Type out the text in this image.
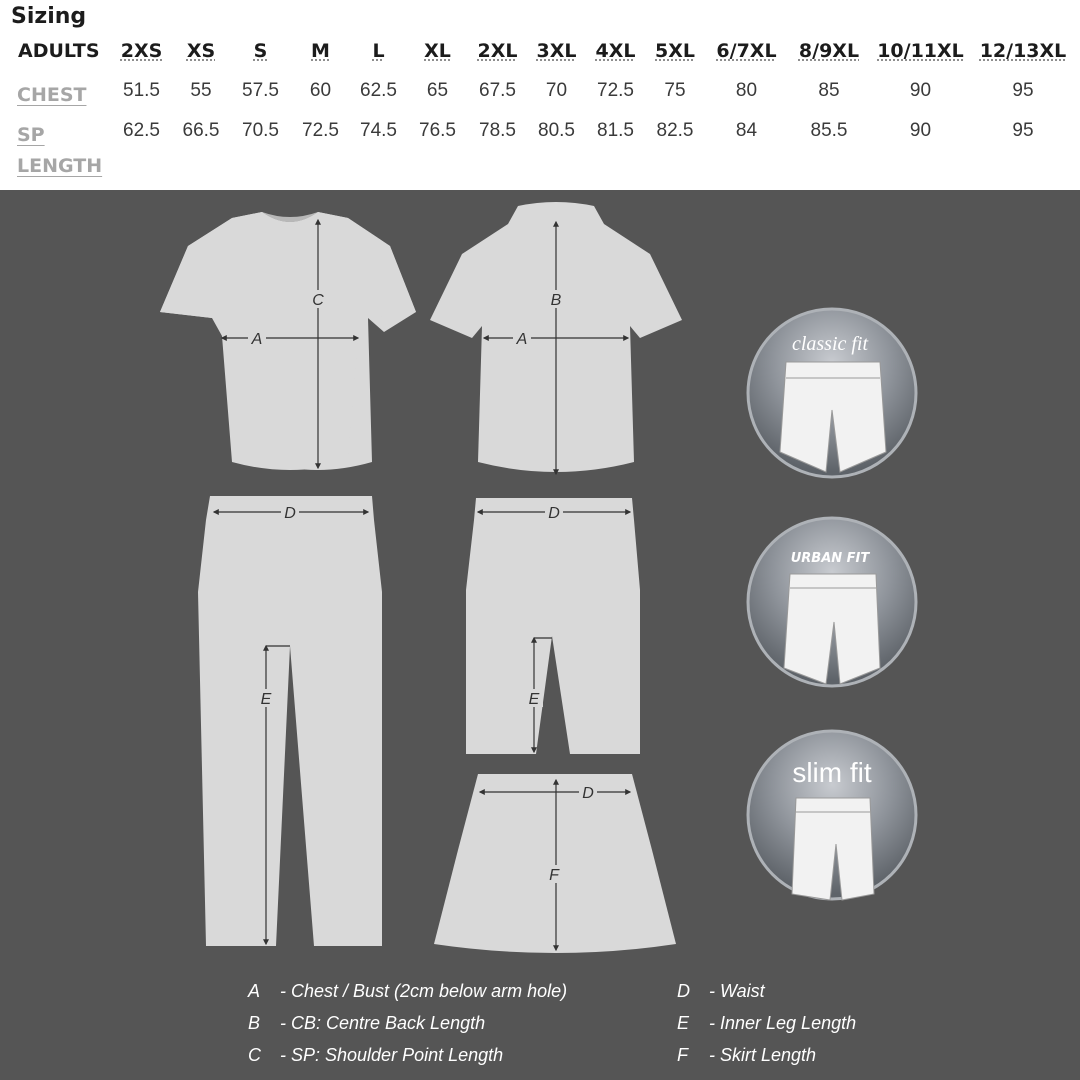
Sizing
ADULTS	2XS	XS	S	M	L	XL	2XL	3XL	4XL	5XL	6/7XL	8/9XL	10/11XL	12/13XL
CHEST	51.5	55	57.5	60	62.5	65	67.5	70	72.5	75	80	85	90	95
SP LENGTH	62.5	66.5	70.5	72.5	74.5	76.5	78.5	80.5	81.5	82.5	84	85.5	90	95
C
A
B
A
D
E
D
E
D
F
classic fit
URBAN FIT
slim fit
A - Chest / Bust (2cm below arm hole)
B - CB: Centre Back Length
C - SP: Shoulder Point Length
D - Waist
E - Inner Leg Length
F - Skirt Length
